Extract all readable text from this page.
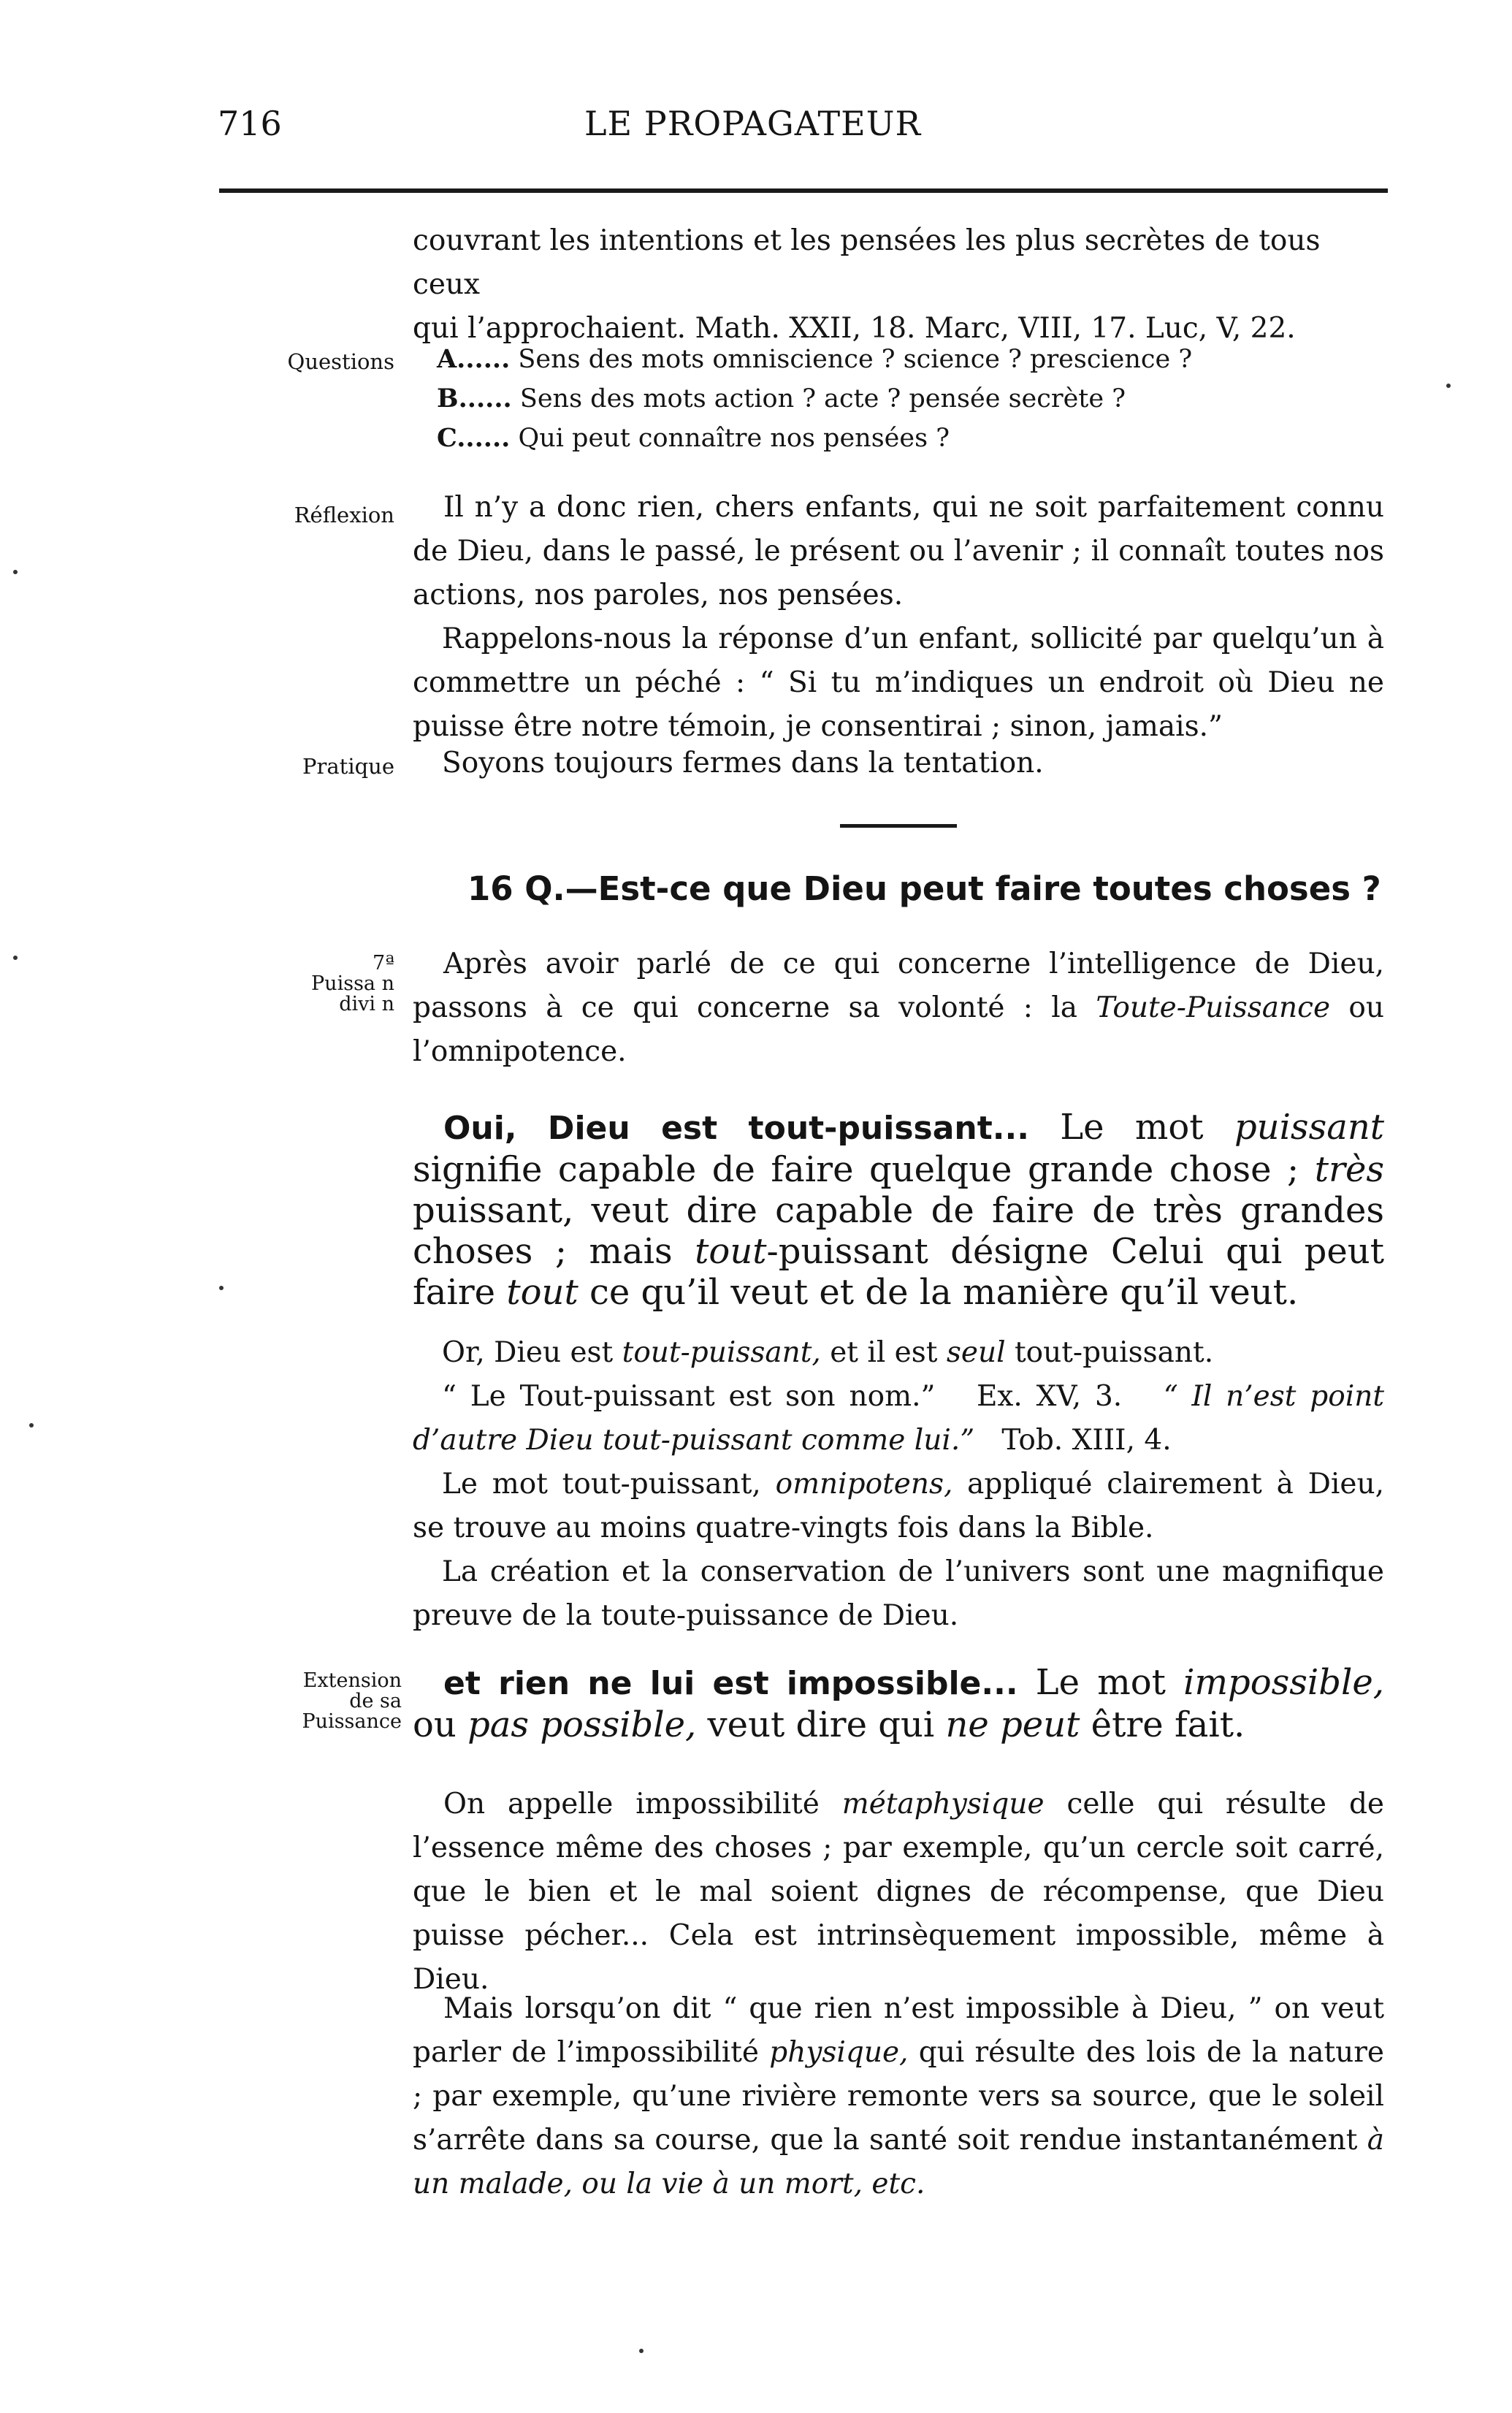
716	LE PROPAGATEUR
couvrant les intentions et les pensées les plus secrètes de tous ceux
qui l’approchaient. Math. XXII, 18. Marc, VIII, 17. Luc, V, 22.
Questions A...... Sens des mots omniscience ? science ? prescience ?
B...... Sens des mots action ? acte ? pensée secrète ?
C...... Qui peut connaître nos pensées ?
Réflexion	Il n’y a donc rien, chers enfants, qui ne soit parfaitement connu de Dieu, dans le passé, le présent ou l’avenir ; il connaît toutes nos actions, nos paroles, nos pensées.

Rappelons-nous la réponse d’un enfant, sollicité par quelqu’un à commettre un péché : “ Si tu m’indiques un endroit où Dieu ne puisse être notre témoin, je consentirai ; sinon, jamais.”

Pratique Soyons toujours fermes dans la tentation.
16 Q.—Est-ce que Dieu peut faire toutes choses ?
7ª
Puissa n
divi n
Après avoir parlé de ce qui concerne l’intelligence de Dieu, passons à ce qui concerne sa volonté : la Toute-Puissance ou l’omnipotence.
Oui, Dieu est tout-puissant... Le mot puissant signifie capable de faire quelque grande chose ; très puissant, veut dire capable de faire de très grandes choses ; mais tout-puissant désigne Celui qui peut faire tout ce qu’il veut et de la manière qu’il veut.

Or, Dieu est tout-puissant, et il est seul tout-puissant.

“ Le Tout-puissant est son nom.” Ex. XV, 3. “ Il n’est point d’autre Dieu tout-puissant comme lui.” Tob. XIII, 4.

Le mot tout-puissant, omnipotens, appliqué clairement à Dieu, se trouve au moins quatre-vingts fois dans la Bible.

La création et la conservation de l’univers sont une magnifique preuve de la toute-puissance de Dieu.

Extension
de sa
Puissance
et rien ne lui est impossible... Le mot impossible, ou pas possible, veut dire qui ne peut être fait.
On appelle impossibilité métaphysique celle qui résulte de l’essence même des choses ; par exemple, qu’un cercle soit carré, que le bien et le mal soient dignes de récompense, que Dieu puisse pécher... Cela est intrinsèquement impossible, même à Dieu.
Mais lorsqu’on dit “ que rien n’est impossible à Dieu, ” on veut parler de l’impossibilité physique, qui résulte des lois de la nature ; par exemple, qu’une rivière remonte vers sa source, que le soleil s’arrête dans sa course, que la santé soit rendue instantanément à un malade, ou la vie à un mort, etc.
